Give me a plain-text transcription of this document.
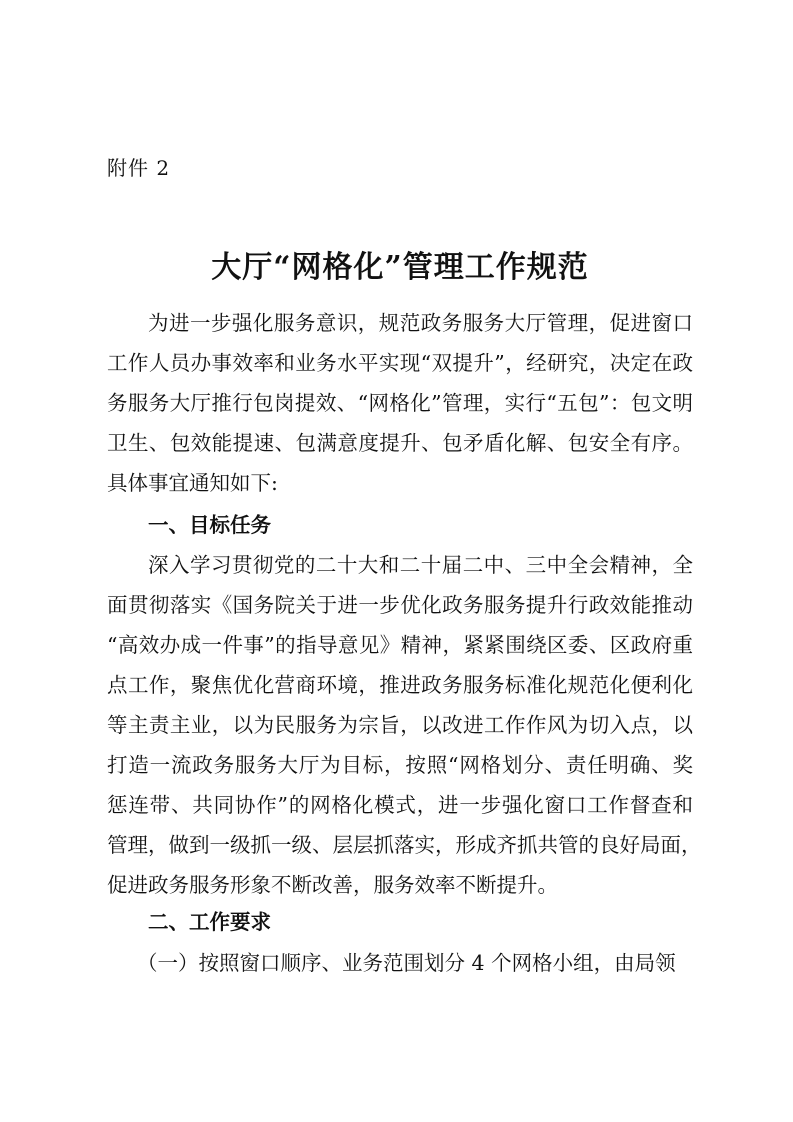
附件 2
大厅“网格化”管理工作规范
为进一步强化服务意识，规范政务服务大厅管理，促进窗口
工作人员办事效率和业务水平实现“双提升”，经研究，决定在政
务服务大厅推行包岗提效、“网格化”管理，实行“五包”：包文明
卫生、包效能提速、包满意度提升、包矛盾化解、包安全有序。
具体事宜通知如下:
一、目标任务
深入学习贯彻党的二十大和二十届二中、三中全会精神，全
面贯彻落实《国务院关于进一步优化政务服务提升行政效能推动
“高效办成一件事”的指导意见》精神，紧紧围绕区委、区政府重
点工作，聚焦优化营商环境，推进政务服务标准化规范化便利化
等主责主业，以为民服务为宗旨，以改进工作作风为切入点，以
打造一流政务服务大厅为目标，按照“网格划分、责任明确、奖
惩连带、共同协作”的网格化模式，进一步强化窗口工作督查和
管理，做到一级抓一级、层层抓落实，形成齐抓共管的良好局面，
促进政务服务形象不断改善，服务效率不断提升。
二、工作要求
（一）按照窗口顺序、业务范围划分 4 个网格小组，由局领
